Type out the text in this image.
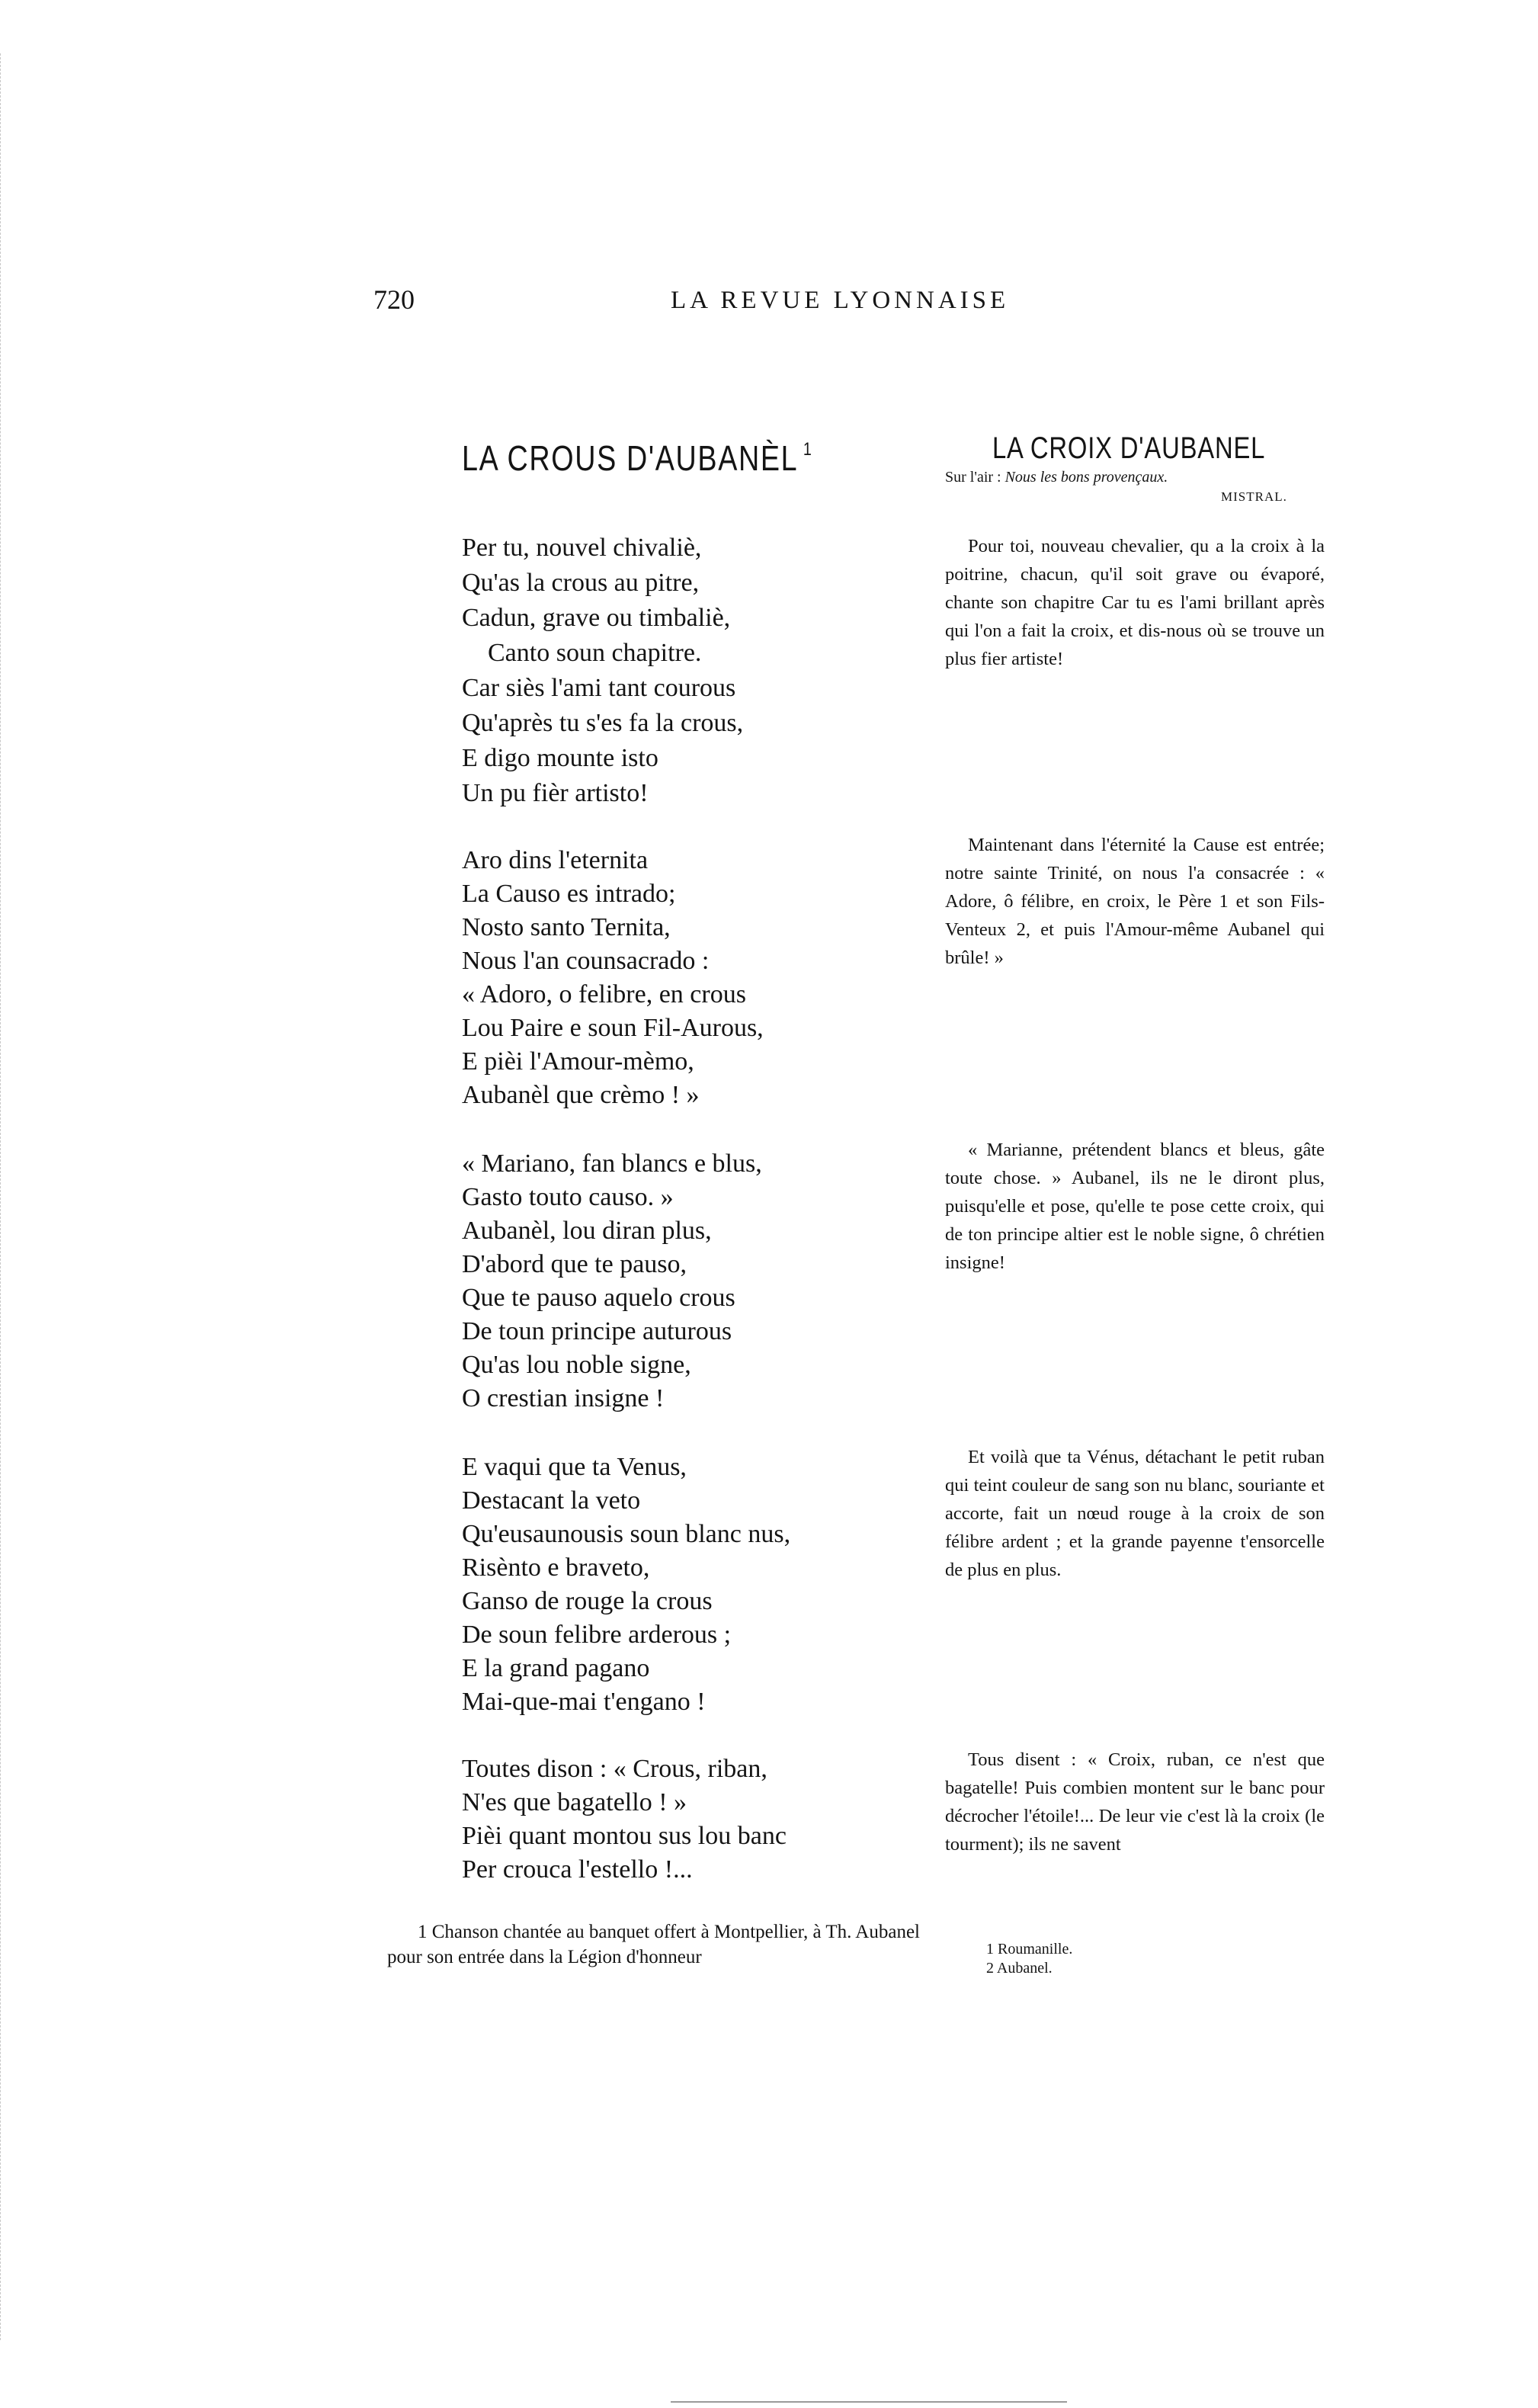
720	LA REVUE LYONNAISE
LA CROUS D'AUBANÈL $^1$	LA CROIX D'AUBANEL
Sur l'air : Nous les bons provençaux.
MISTRAL.
Per tu, nouvel chivaliè,
Qu'as la crous au pitre,
Cadun, grave ou timbaliè,
Canto soun chapitre.
Car siès l'ami tant courous
Qu'après tu s'es fa la crous,
E digo mounte isto
Un pu fièr artisto!
Aro dins l'eternita
La Causo es intrado;
Nosto santo Ternita,
Nous l'an counsacrado :
« Adoro, o felibre, en crous
Lou Paire e soun Fil-Aurous,
E pièi l'Amour-mèmo,
Aubanèl que crèmo ! »
« Mariano, fan blancs e blus,
Gasto touto causo. »
Aubanèl, lou diran plus,
D'abord que te pauso,
Que te pauso aquelo crous
De toun principe auturous
Qu'as lou noble signe,
O crestian insigne !
E vaqui que ta Venus,
Destacant la veto
Qu'eusaunousis soun blanc nus,
Risènto e braveto,
Ganso de rouge la crous
De soun felibre arderous ;
E la grand pagano
Mai-que-mai t'engano !
Toutes dison : « Crous, riban,
N'es que bagatello ! »
Pièi quant montou sus lou banc
Per crouca l'estello !...
Pour toi, nouveau chevalier, qu a la croix à la poitrine, chacun, qu'il soit grave ou évaporé, chante son chapitre Car tu es l'ami brillant après qui l'on a fait la croix, et dis-nous où se trouve un plus fier artiste!
Maintenant dans l'éternité la Cause est entrée; notre sainte Trinité, on nous l'a consacrée : « Adore, ô félibre, en croix, le Père 1 et son Fils-Venteux 2, et puis l'Amour-même Aubanel qui brûle! »
« Marianne, prétendent blancs et bleus, gâte toute chose. » Aubanel, ils ne le diront plus, puisqu'elle et pose, qu'elle te pose cette croix, qui de ton principe altier est le noble signe, ô chrétien insigne!
Et voilà que ta Vénus, détachant le petit ruban qui teint couleur de sang son nu blanc, souriante et accorte, fait un nœud rouge à la croix de son félibre ardent ; et la grande payenne t'ensorcelle de plus en plus.
Tous disent : « Croix, ruban, ce n'est que bagatelle! Puis combien montent sur le banc pour décrocher l'étoile!... De leur vie c'est là la croix (le tourment); ils ne savent
1 Chanson chantée au banquet offert à Montpellier, à Th. Aubanel pour son entrée dans la Légion d'honneur	1 Roumanille.
2 Aubanel.
